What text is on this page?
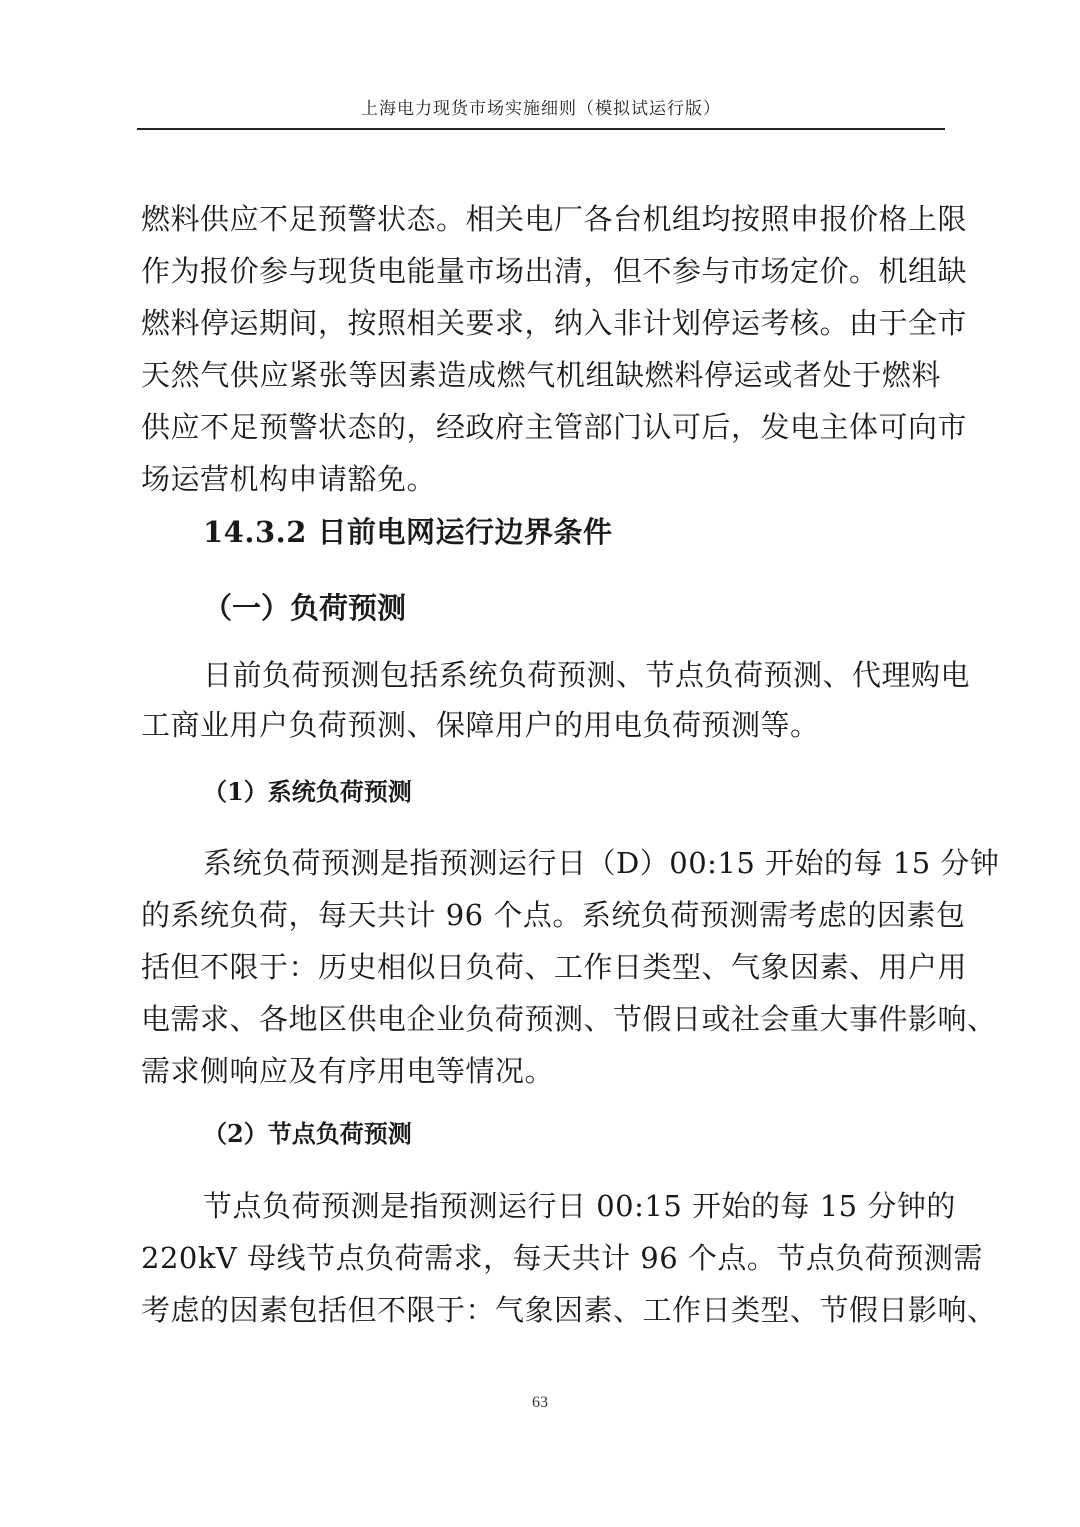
上海电力现货市场实施细则（模拟试运行版）
燃料供应不足预警状态。相关电厂各台机组均按照申报价格上限
作为报价参与现货电能量市场出清，但不参与市场定价。机组缺
燃料停运期间，按照相关要求，纳入非计划停运考核。由于全市
天然气供应紧张等因素造成燃气机组缺燃料停运或者处于燃料
供应不足预警状态的，经政府主管部门认可后，发电主体可向市
场运营机构申请豁免。
14.3.2 日前电网运行边界条件
（一）负荷预测
日前负荷预测包括系统负荷预测、节点负荷预测、代理购电
工商业用户负荷预测、保障用户的用电负荷预测等。
（1）系统负荷预测
系统负荷预测是指预测运行日（D）00:15 开始的每 15 分钟
的系统负荷，每天共计 96 个点。系统负荷预测需考虑的因素包
括但不限于：历史相似日负荷、工作日类型、气象因素、用户用
电需求、各地区供电企业负荷预测、节假日或社会重大事件影响、
需求侧响应及有序用电等情况。
（2）节点负荷预测
节点负荷预测是指预测运行日 00:15 开始的每 15 分钟的
220kV 母线节点负荷需求，每天共计 96 个点。节点负荷预测需
考虑的因素包括但不限于：气象因素、工作日类型、节假日影响、
63
